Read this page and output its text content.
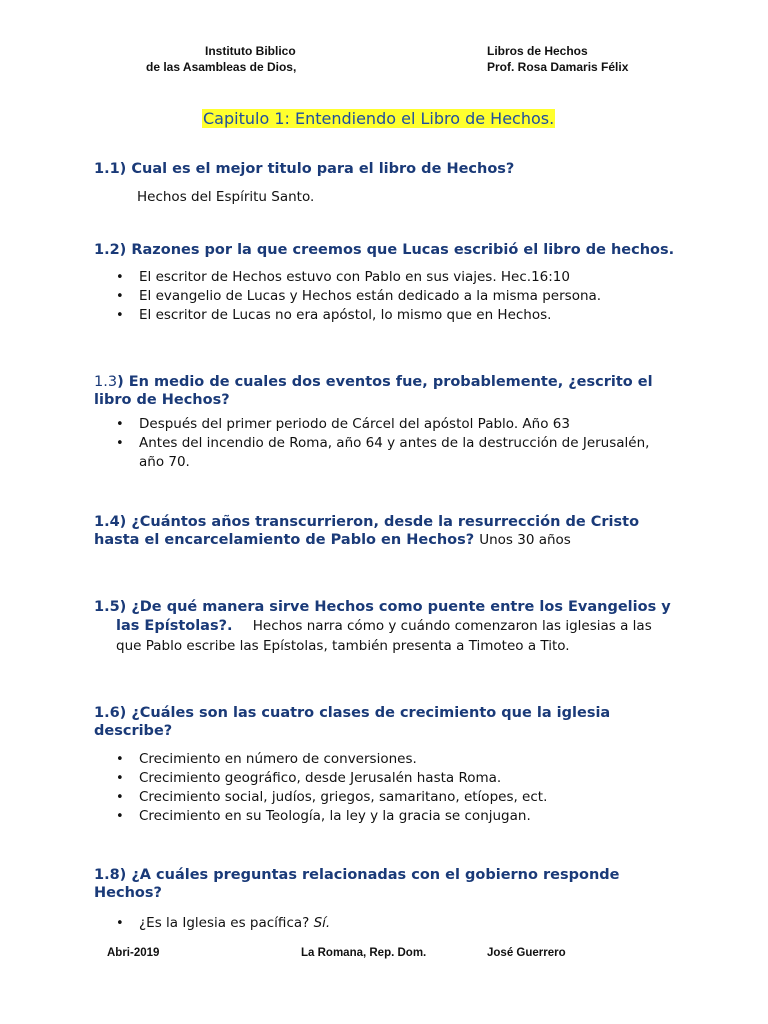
Instituto Biblico
de las Asambleas de Dios,
Libros de Hechos
Prof. Rosa Damaris Félix
Capitulo 1: Entendiendo el Libro de Hechos.
1.1) Cual es el mejor titulo para el libro de Hechos?
Hechos del Espíritu Santo.
1.2) Razones por la que creemos que Lucas escribió el libro de hechos.
• El escritor de Hechos estuvo con Pablo en sus viajes. Hec.16:10
• El evangelio de Lucas y Hechos están dedicado a la misma persona.
• El escritor de Lucas no era apóstol, lo mismo que en Hechos.
1.3) En medio de cuales dos eventos fue, probablemente, ¿escrito el libro de Hechos?
• Después del primer periodo de Cárcel del apóstol Pablo. Año 63
• Antes del incendio de Roma, año 64 y antes de la destrucción de Jerusalén, año 70.
1.4) ¿Cuántos años transcurrieron, desde la resurrección de Cristo hasta el encarcelamiento de Pablo en Hechos? Unos 30 años
1.5) ¿De qué manera sirve Hechos como puente entre los Evangelios y
las Epístolas?. Hechos narra cómo y cuándo comenzaron las iglesias a las
que Pablo escribe las Epístolas, también presenta a Timoteo a Tito.
1.6) ¿Cuáles son las cuatro clases de crecimiento que la iglesia describe?
• Crecimiento en número de conversiones.
• Crecimiento geográfico, desde Jerusalén hasta Roma.
• Crecimiento social, judíos, griegos, samaritano, etíopes, ect.
• Crecimiento en su Teología, la ley y la gracia se conjugan.
1.8) ¿A cuáles preguntas relacionadas con el gobierno responde Hechos?
• ¿Es la Iglesia es pacífica? Sí.
Abri-2019	La Romana, Rep. Dom.	José Guerrero
